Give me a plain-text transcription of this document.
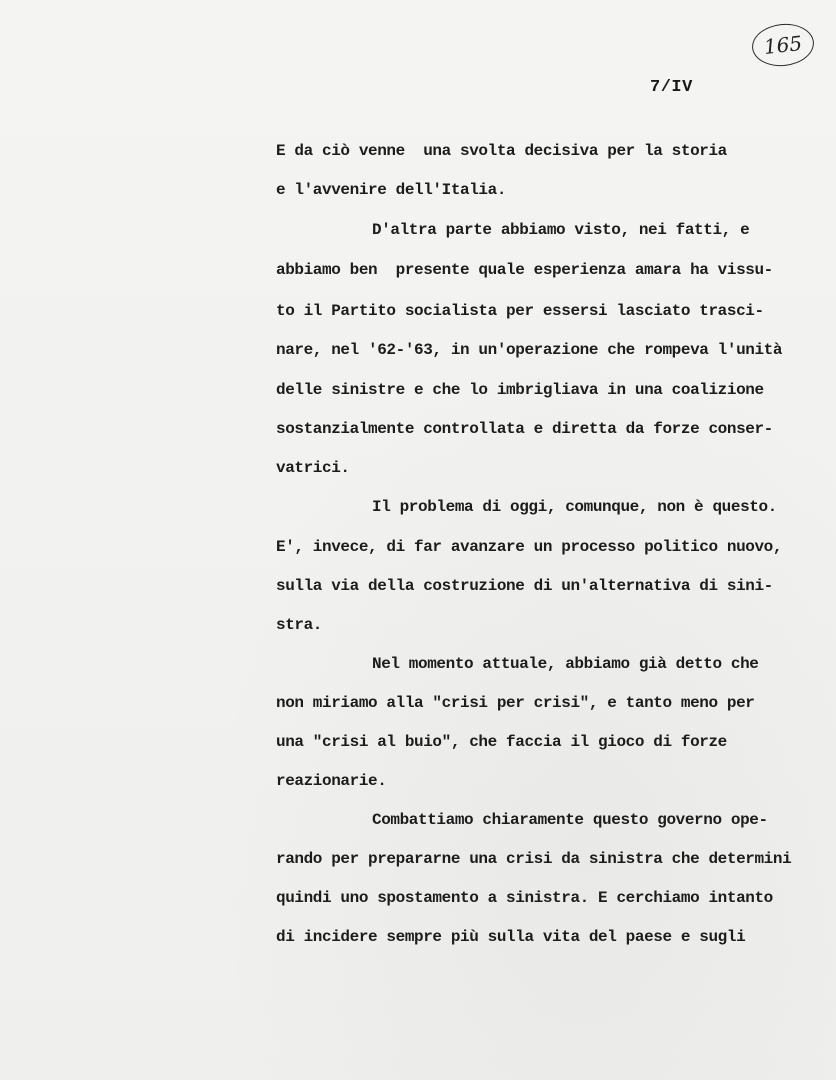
165
7/IV
E da ciò venne  una svolta decisiva per la storia
e l'avvenire dell'Italia.
D'altra parte abbiamo visto, nei fatti, e
abbiamo ben  presente quale esperienza amara ha vissu-
to il Partito socialista per essersi lasciato trasci-
nare, nel '62-'63, in un'operazione che rompeva l'unità
delle sinistre e che lo imbrigliava in una coalizione
sostanzialmente controllata e diretta da forze conser-
vatrici.
Il problema di oggi, comunque, non è questo.
E', invece, di far avanzare un processo politico nuovo,
sulla via della costruzione di un'alternativa di sini-
stra.
Nel momento attuale, abbiamo già detto che
non miriamo alla "crisi per crisi", e tanto meno per
una "crisi al buio", che faccia il gioco di forze
reazionarie.
Combattiamo chiaramente questo governo ope-
rando per prepararne una crisi da sinistra che determini
quindi uno spostamento a sinistra. E cerchiamo intanto
di incidere sempre più sulla vita del paese e sugli
